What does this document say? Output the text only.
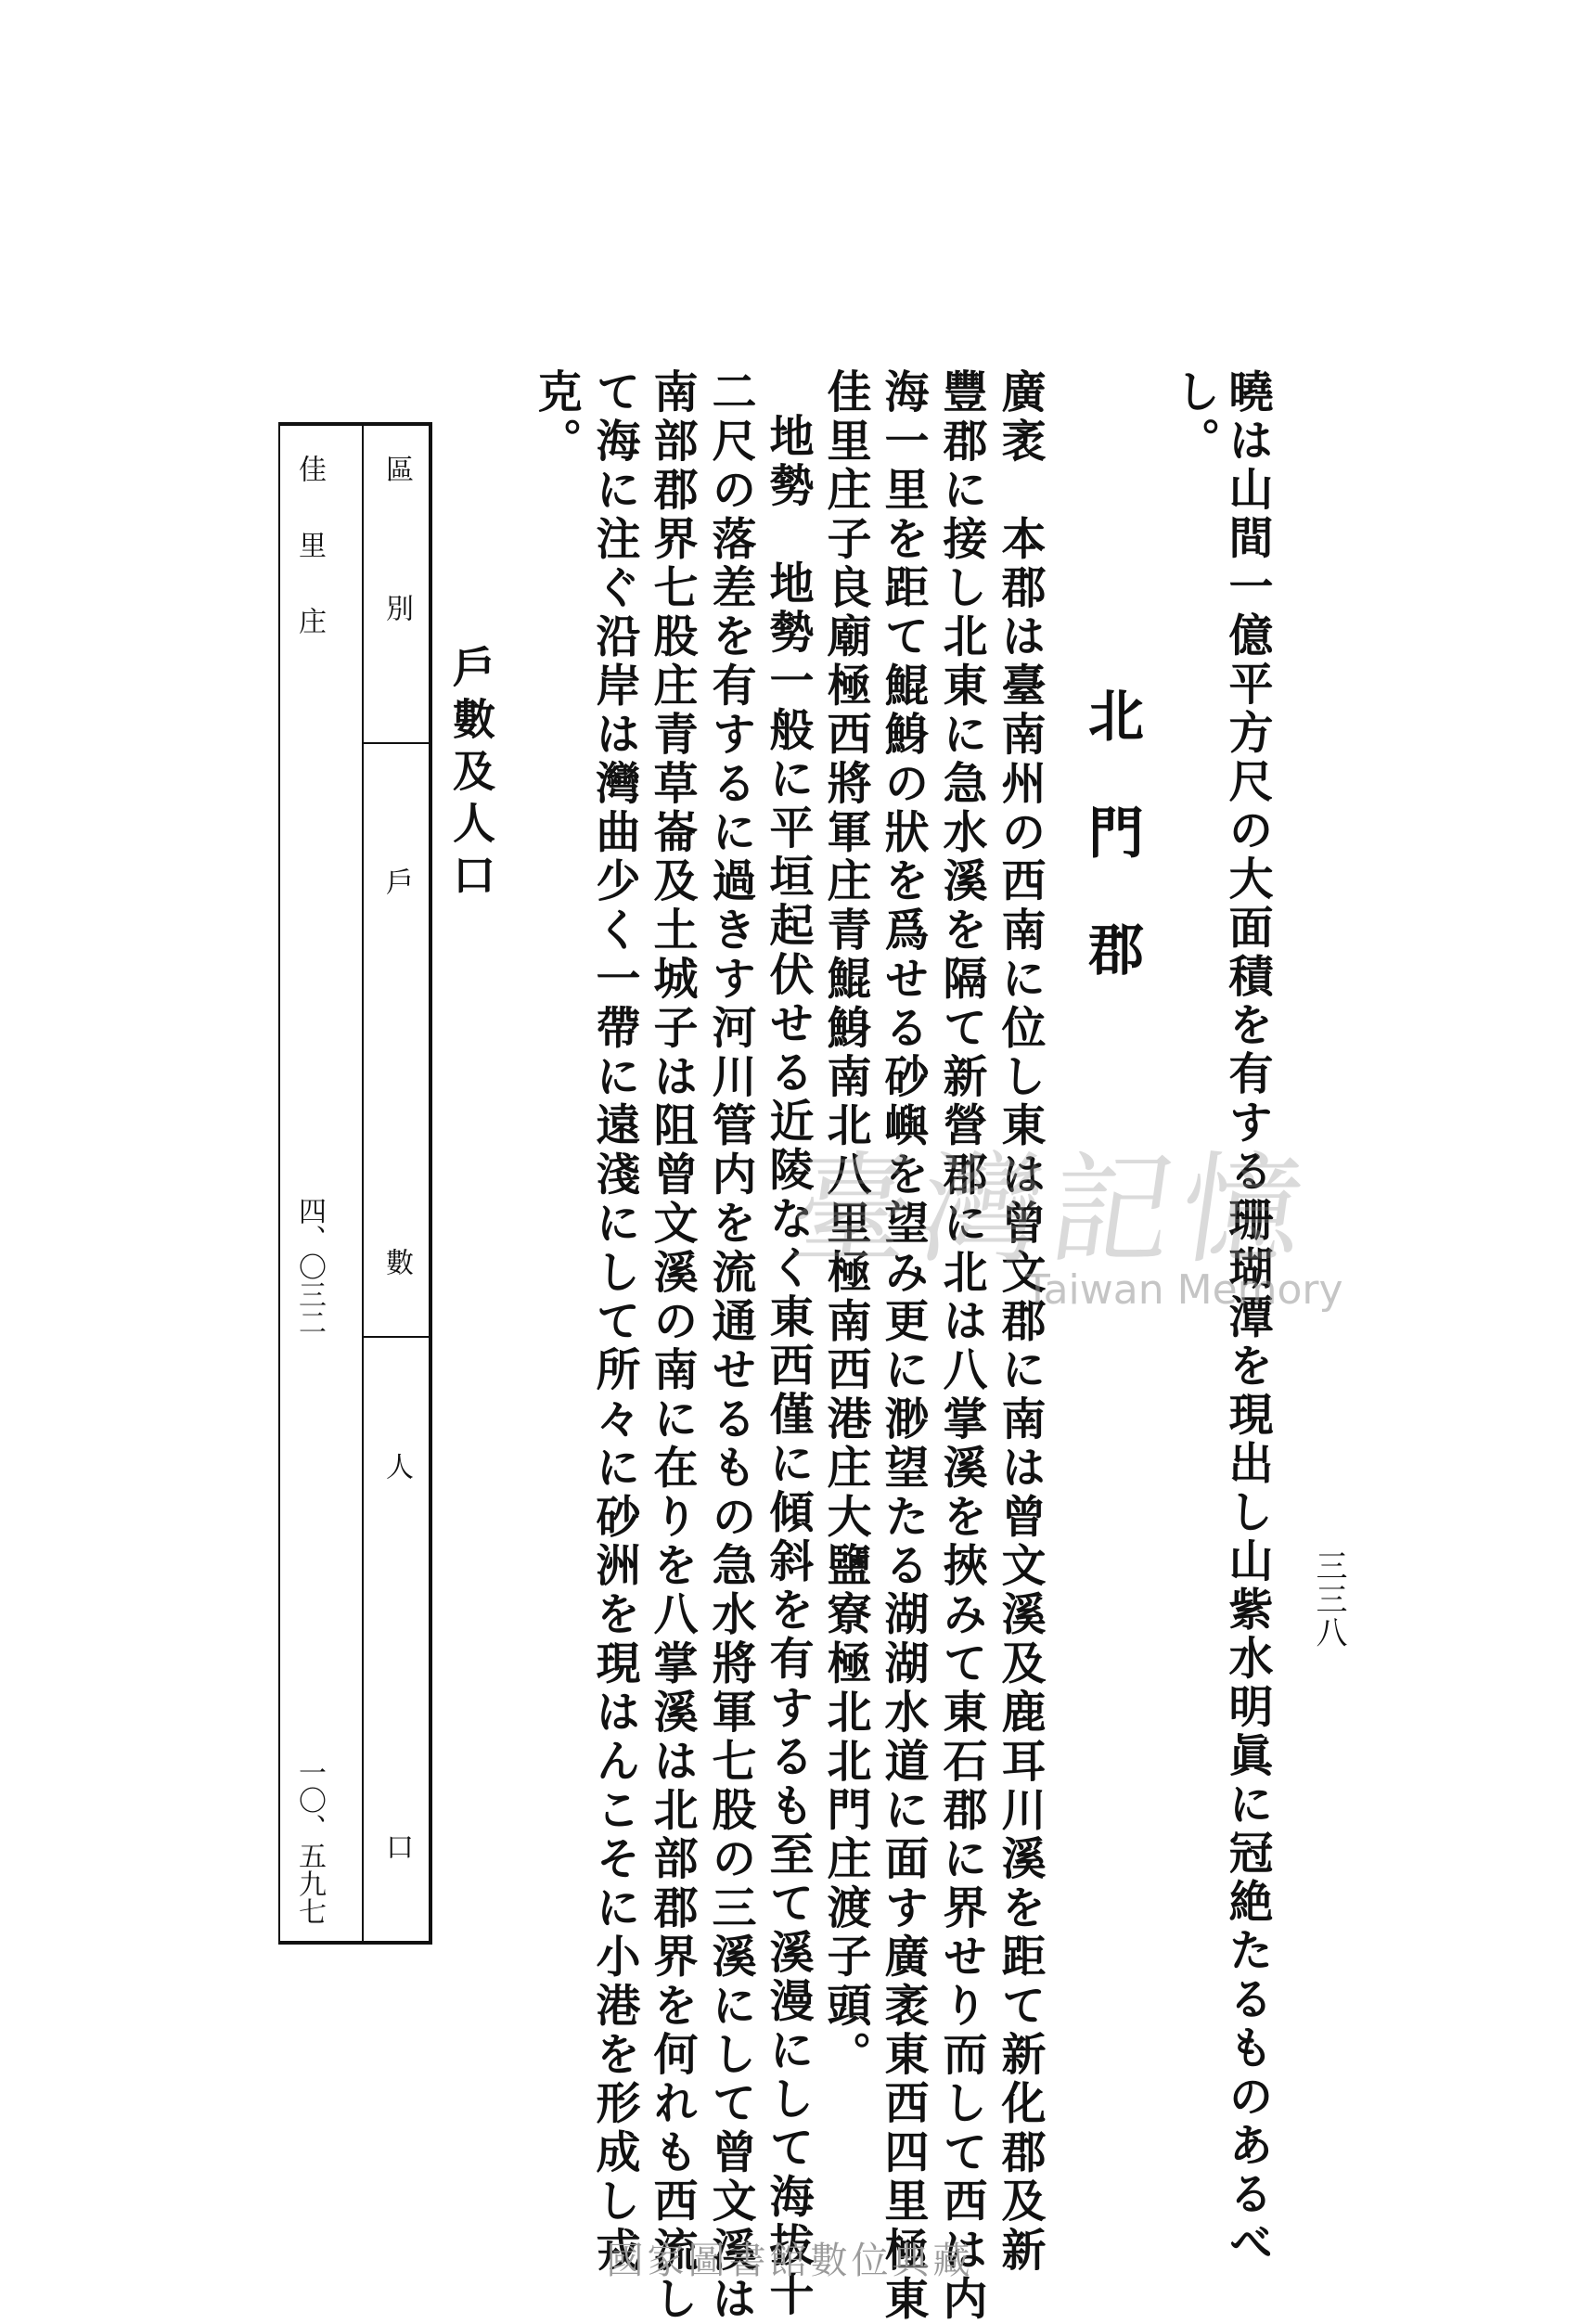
三三八
曉は山間一億平方尺の大面積を有する珊瑚潭を現出し山紫水明眞に冠絶たるものあるべ
し。
北門郡
廣袤　本郡は臺南州の西南に位し東は曾文郡に南は曾文溪及鹿耳川溪を距て新化郡及新
豐郡に接し北東に急水溪を隔て新營郡に北は八掌溪を挾みて東石郡に界せり而して西は内
海一里を距て鯤鯓の狀を爲せる砂嶼を望み更に渺望たる湖湖水道に面す廣袤東西四里極東
佳里庄子良廟極西將軍庄青鯤鯓南北八里極南西港庄大鹽寮極北北門庄渡子頭。
地勢　地勢一般に平垣起伏せる近陵なく東西僅に傾斜を有するも至て溪漫にして海拔十
二尺の落差を有するに過きす河川管内を流通せるもの急水將軍七股の三溪にして曾文溪は
南部郡界七股庄青草崙及土城子は阻曾文溪の南に在りを八掌溪は北部郡界を何れも西流し
て海に注ぐ沿岸は灣曲少く一帶に遠淺にして所々に砂洲を現はんこそに小港を形成し戎
克。
戶數及人口
區別
戶數
人口
佳里庄
四、〇三二
一〇、五九七
臺灣記憶
Taiwan Memory
國家圖書館數位典藏
